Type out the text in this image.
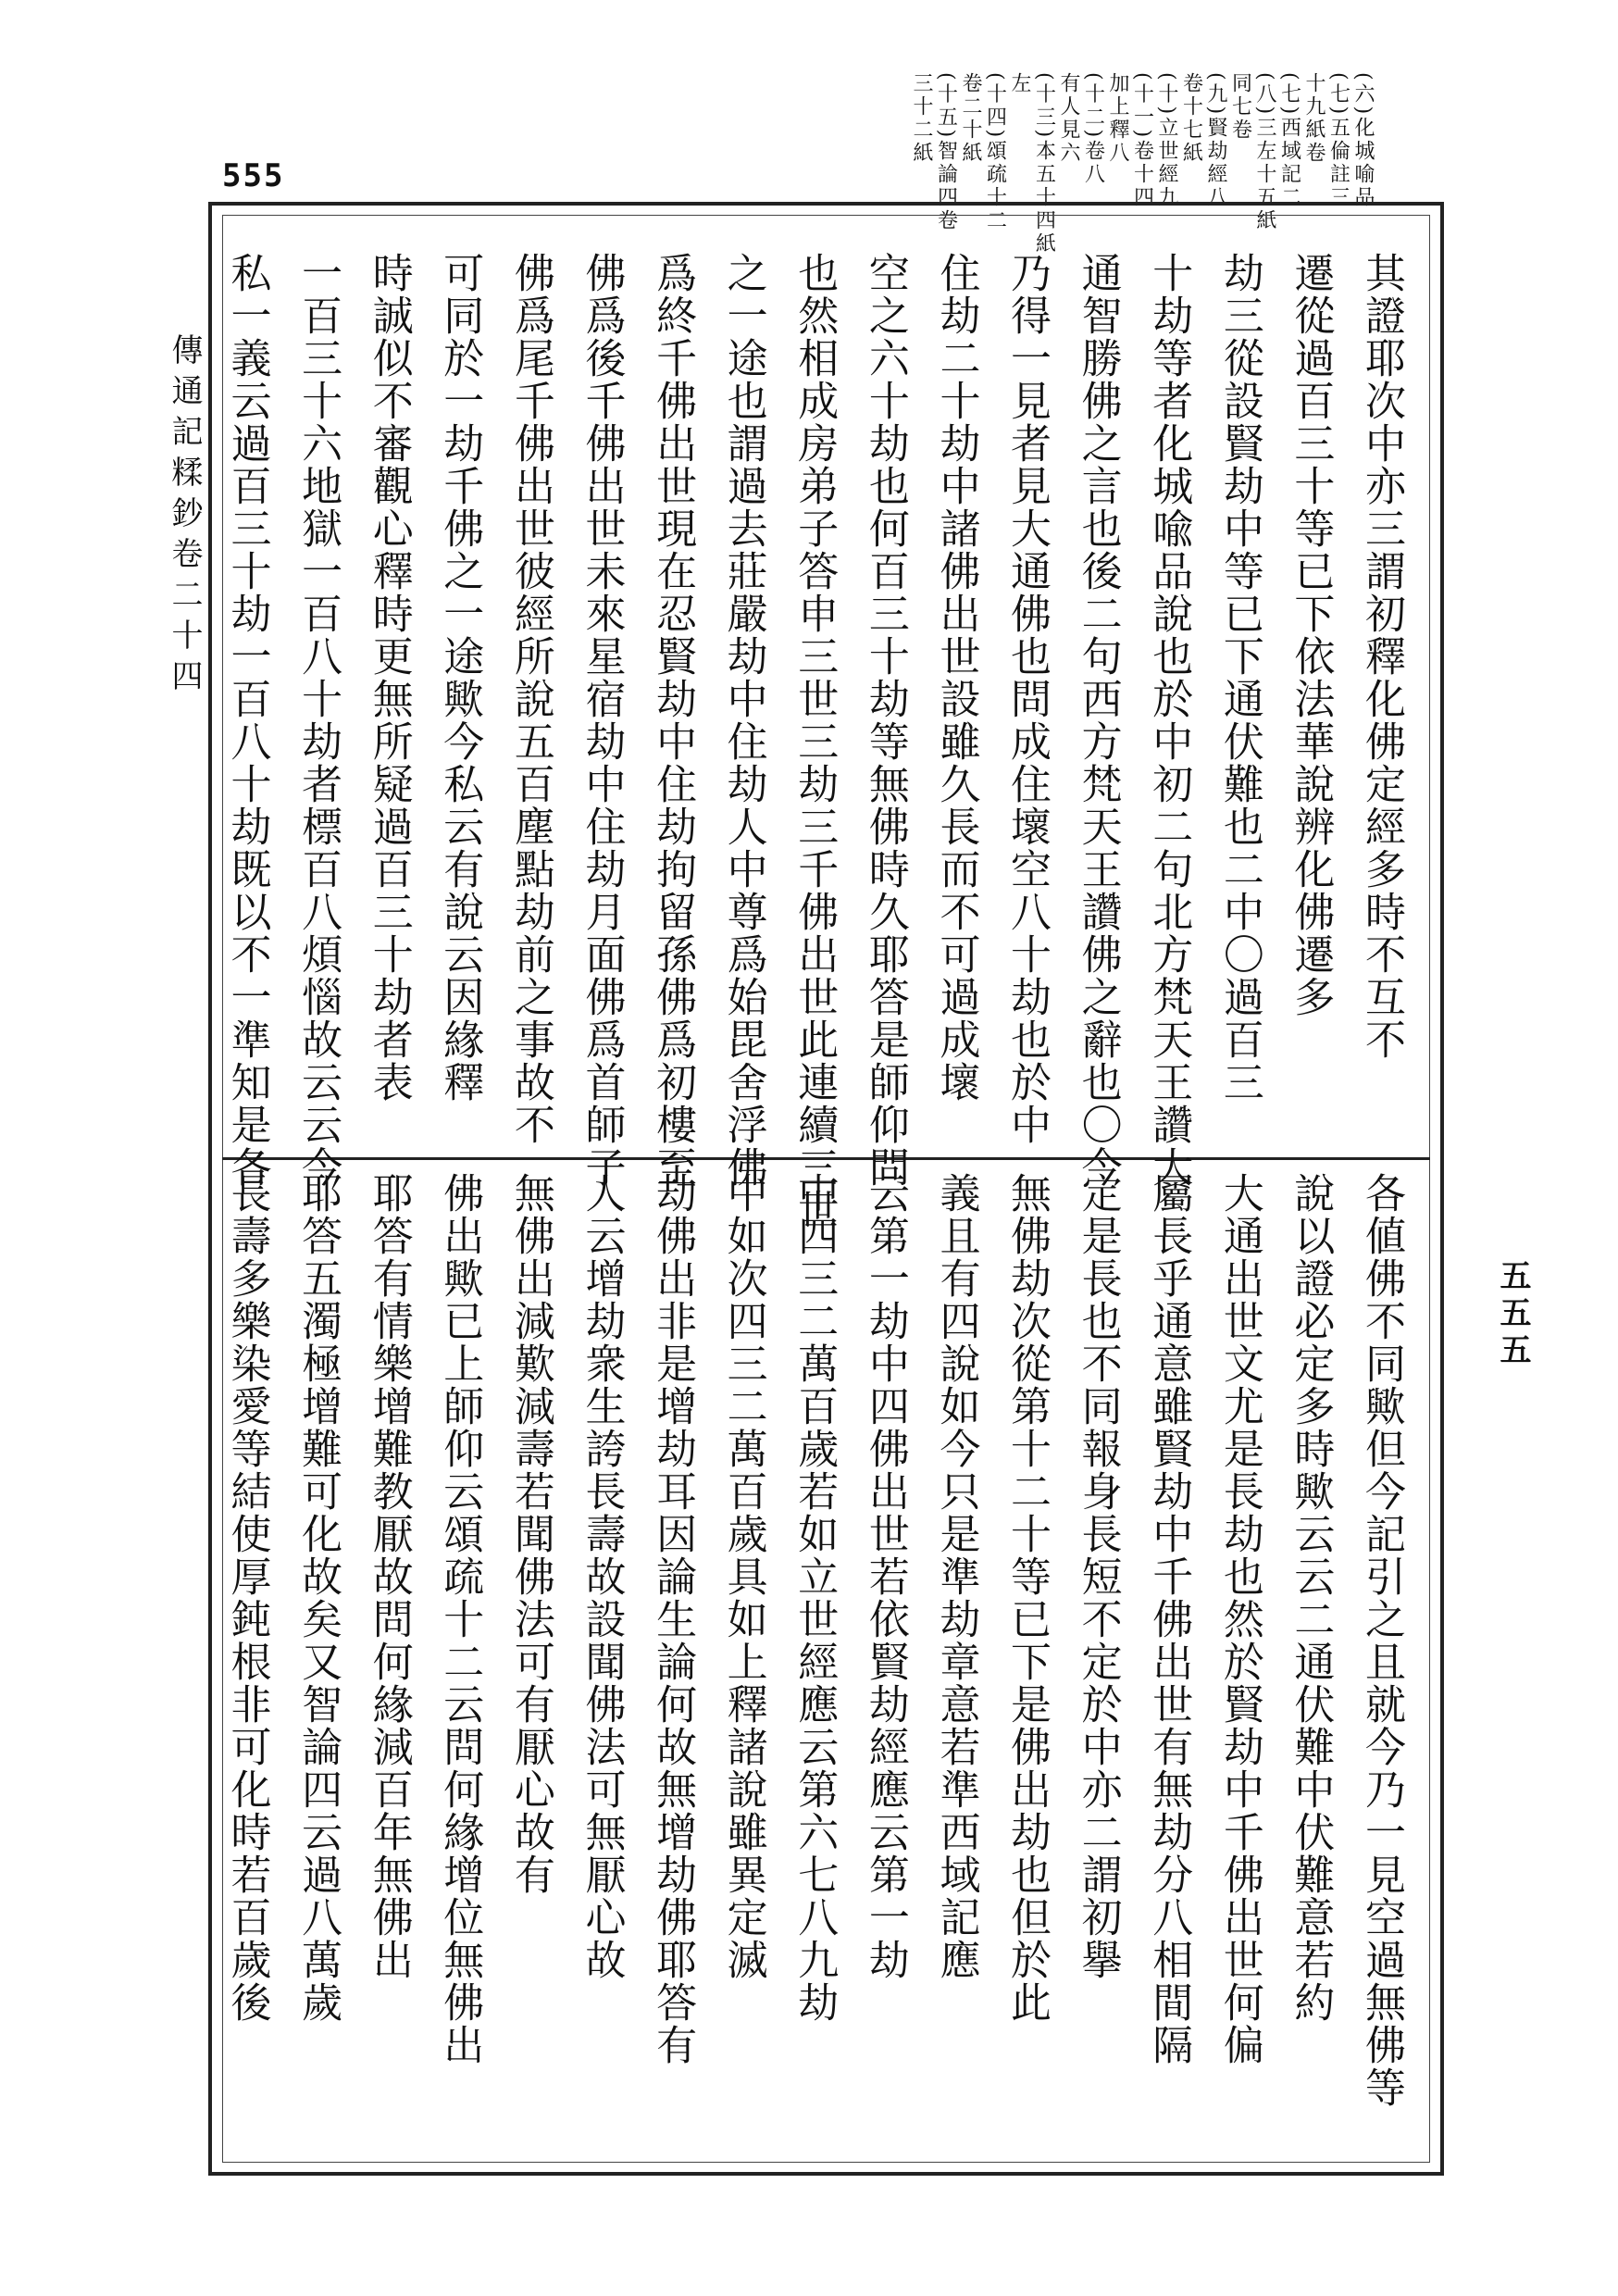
555	(六)化城喻品
(七)五倫註三
十九紙卷
(七)西域記二
(八)三左十五紙
同七卷
(九)賢劫經八
卷十七紙
(十)立世經九
(十一)卷十四
加上釋八
(十二)卷八
有人見六
(十三)本五十四紙
左
(十四)頌疏十二
卷二十紙
(十五)智論四卷
三十二紙
傳通記糅鈔卷二十四
五五五
其證耶次中亦三謂初釋化佛定經多時不互不
遷從過百三十等已下依法華說辨化佛遷多
劫三從設賢劫中等已下通伏難也二中〇過百三
十劫等者化城喩品說也於中初二句北方梵天王讚大
通智勝佛之言也後二句西方梵天王讚佛之辭也〇今
乃得一見者見大通佛也問成住壞空八十劫也於中
住劫二十劫中諸佛出世設雖久長而不可過成壞
空之六十劫也何百三十劫等無佛時久耶答是師仰問
也然相成房弟子答申三世三劫三千佛出世此連續三世
之一途也謂過去莊嚴劫中住劫人中尊爲始毘舍浮佛
爲終千佛出世現在忍賢劫中住劫拘留孫佛爲初樓至
佛爲後千佛出世未來星宿劫中住劫月面佛爲首師子
佛爲尾千佛出世彼經所說五百塵點劫前之事故不
可同於一劫千佛之一途歟今私云有說云因緣釋
時誠似不審觀心釋時更無所疑過百三十劫者表
一百三十六地獄一百八十劫者標百八煩惱故云云今
私一義云過百三十劫一百八十劫既以不一準知是各
各値佛不同歟但今記引之且就今乃一見空過無佛等
說以證必定多時歟云云二通伏難中伏難意若約
大通出世文尤是長劫也然於賢劫中千佛出世何偏
屬長乎通意雖賢劫中千佛出世有無劫分八相間隔
定是長也不同報身長短不定於中亦二謂初擧
無佛劫次從第十二十等已下是佛出劫也但於此
義且有四說如今只是準劫章意若準西域記應
云第一劫中四佛出世若依賢劫經應云第一劫
中四三二萬百歲若如立世經應云第六七八九劫
中如次四三二萬百歲具如上釋諸說雖異定滅
劫佛出非是增劫耳因論生論何故無增劫佛耶答有
人云增劫衆生誇長壽故設聞佛法可無厭心故
無佛出減歎減壽若聞佛法可有厭心故有
佛出歟已上師仰云頌疏十二云問何緣增位無佛出
耶答有情樂增難教厭故問何緣減百年無佛出
耶答五濁極增難可化故矣又智論四云過八萬歲
長壽多樂染愛等結使厚鈍根非可化時若百歲後
